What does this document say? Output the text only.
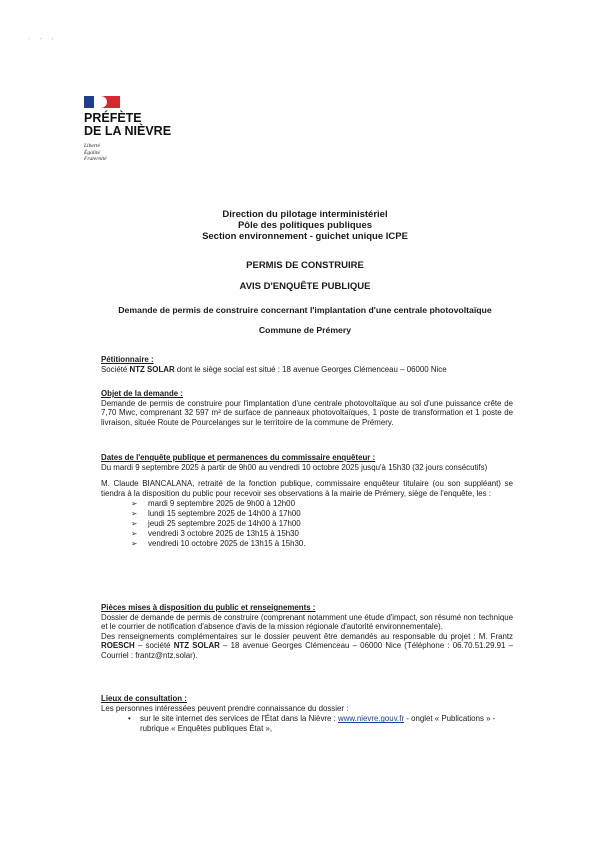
· · ·
PRÉFÈTE
DE LA NIÈVRE
Liberté
Égalité
Fraternité
Direction du pilotage interministériel
Pôle des politiques publiques
Section environnement - guichet unique ICPE
PERMIS DE CONSTRUIRE
AVIS D'ENQUÊTE PUBLIQUE
Demande de permis de construire concernant l'implantation d'une centrale photovoltaïque
Commune de Prémery
Pétitionnaire :

Société NTZ SOLAR dont le siège social est situé : 18 avenue Georges Clémenceau – 06000 Nice

Objet de la demande :

Demande de permis de construire pour l'implantation d'une centrale photovoltaïque au sol d'une puissance crête de 7,70 Mwc, comprenant 32 597 m² de surface de panneaux photovoltaïques, 1 poste de transformation et 1 poste de livraison, située Route de Pourcelanges sur le territoire de la commune de Prémery.

Dates de l'enquête publique et permanences du commissaire enquêteur :

Du mardi 9 septembre 2025 à partir de 9h00 au vendredi 10 octobre 2025 jusqu'à 15h30 (32 jours consécutifs)

M. Claude BIANCALANA, retraité de la fonction publique, commissaire enquêteur titulaire (ou son suppléant) se tiendra à la disposition du public pour recevoir ses observations à la mairie de Prémery, siège de l'enquête, les :

➢ mardi 9 septembre 2025 de 9h00 à 12h00
➢ lundi 15 septembre 2025 de 14h00 à 17h00
➢ jeudi 25 septembre 2025 de 14h00 à 17h00
➢ vendredi 3 octobre 2025 de 13h15 à 15h30
➢ vendredi 10 octobre 2025 de 13h15 à 15h30.
Pièces mises à disposition du public et renseignements :

Dossier de demande de permis de construire (comprenant notamment une étude d'impact, son résumé non technique et le courrier de notification d'absence d'avis de la mission régionale d'autorité environnementale).

Des renseignements complémentaires sur le dossier peuvent être demandés au responsable du projet : M. Frantz ROESCH – société NTZ SOLAR – 18 avenue Georges Clémenceau – 06000 Nice (Téléphone : 06.70.51.29.91 – Courriel : frantz@ntz.solar).

Lieux de consultation :

Les personnes intéressées peuvent prendre connaissance du dossier :

• sur le site internet des services de l'État dans la Nièvre : www.nievre.gouv.fr - onglet « Publications » - rubrique « Enquêtes publiques État »,
